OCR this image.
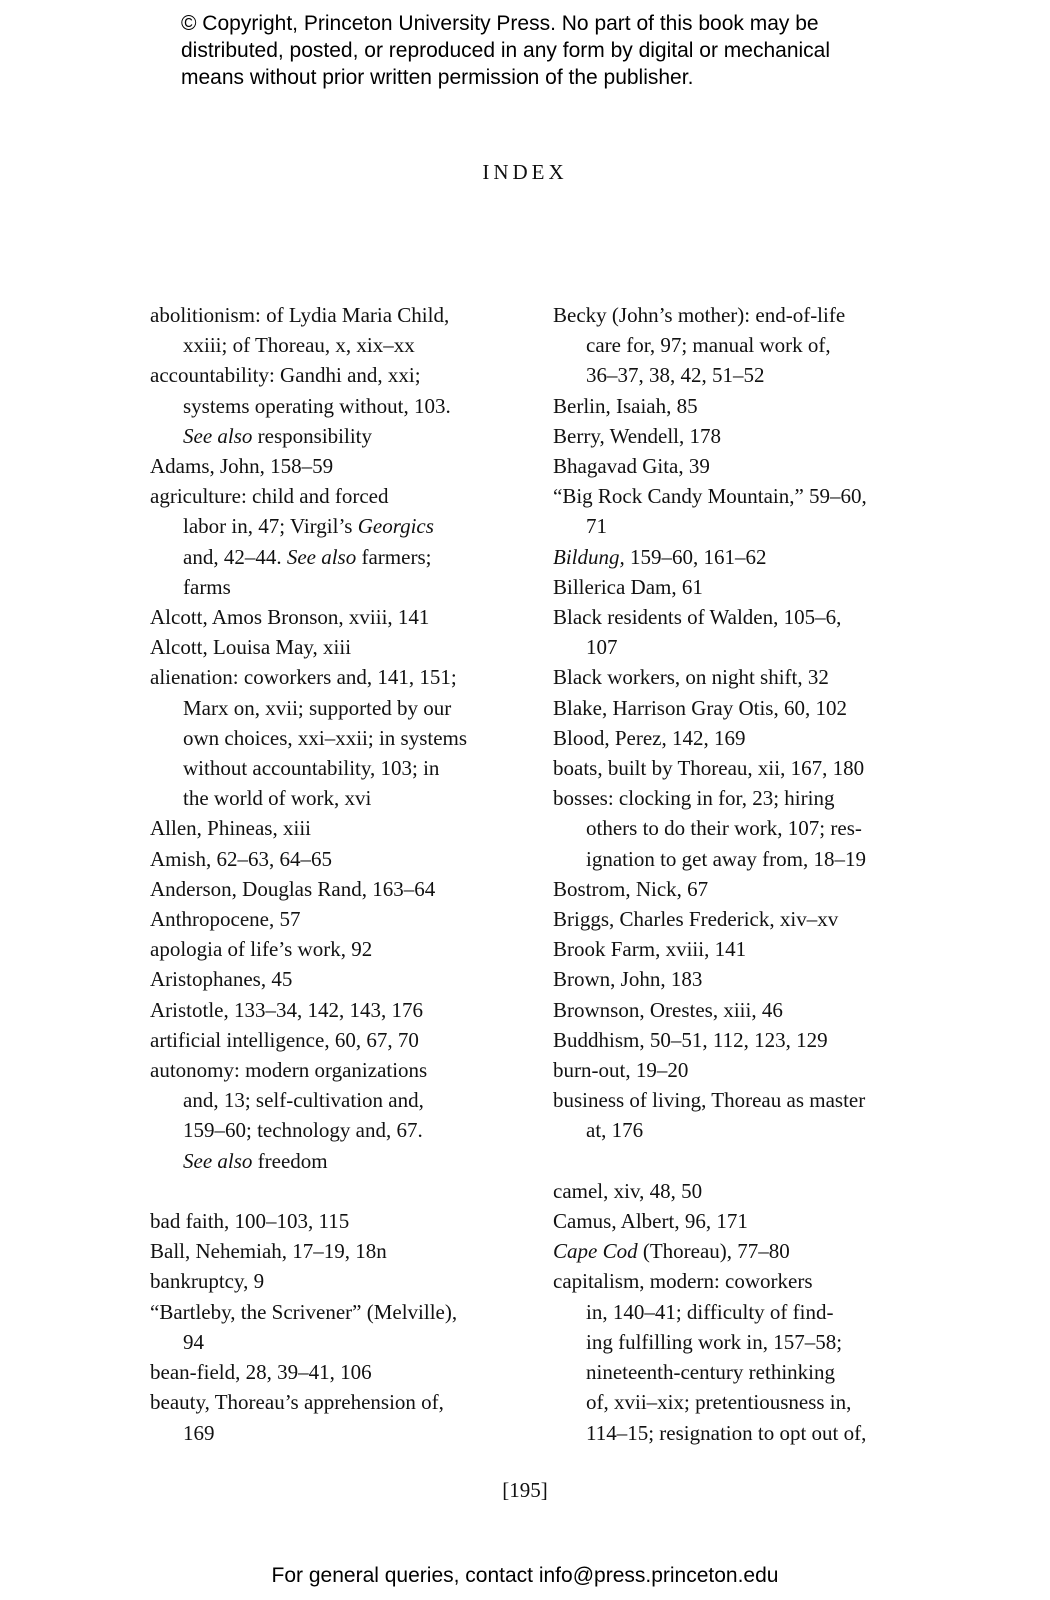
© Copyright, Princeton University Press. No part of this book may be
distributed, posted, or reproduced in any form by digital or mechanical
means without prior written permission of the publisher.
INDEX
abolitionism: of Lydia Maria Child,
xxiii; of Thoreau, x, xix–xx
accountability: Gandhi and, xxi;
systems operating without, 103.
See also responsibility
Adams, John, 158–59
agriculture: child and forced
labor in, 47; Virgil’s Georgics
and, 42–44. See also farmers;
farms
Alcott, Amos Bronson, xviii, 141
Alcott, Louisa May, xiii
alienation: coworkers and, 141, 151;
Marx on, xvii; supported by our
own choices, xxi–xxii; in systems
without accountability, 103; in
the world of work, xvi
Allen, Phineas, xiii
Amish, 62–63, 64–65
Anderson, Douglas Rand, 163–64
Anthropocene, 57
apologia of life’s work, 92
Aristophanes, 45
Aristotle, 133–34, 142, 143, 176
artificial intelligence, 60, 67, 70
autonomy: modern organizations
and, 13; self-cultivation and,
159–60; technology and, 67.
See also freedom
bad faith, 100–103, 115
Ball, Nehemiah, 17–19, 18n
bankruptcy, 9
“Bartleby, the Scrivener” (Melville),
94
bean-field, 28, 39–41, 106
beauty, Thoreau’s apprehension of,
169
Becky (John’s mother): end-of-life
care for, 97; manual work of,
36–37, 38, 42, 51–52
Berlin, Isaiah, 85
Berry, Wendell, 178
Bhagavad Gita, 39
“Big Rock Candy Mountain,” 59–60,
71
Bildung, 159–60, 161–62
Billerica Dam, 61
Black residents of Walden, 105–6,
107
Black workers, on night shift, 32
Blake, Harrison Gray Otis, 60, 102
Blood, Perez, 142, 169
boats, built by Thoreau, xii, 167, 180
bosses: clocking in for, 23; hiring
others to do their work, 107; res-
ignation to get away from, 18–19
Bostrom, Nick, 67
Briggs, Charles Frederick, xiv–xv
Brook Farm, xviii, 141
Brown, John, 183
Brownson, Orestes, xiii, 46
Buddhism, 50–51, 112, 123, 129
burn-out, 19–20
business of living, Thoreau as master
at, 176
camel, xiv, 48, 50
Camus, Albert, 96, 171
Cape Cod (Thoreau), 77–80
capitalism, modern: coworkers
in, 140–41; difficulty of find-
ing fulfilling work in, 157–58;
nineteenth-century rethinking
of, xvii–xix; pretentiousness in,
114–15; resignation to opt out of,
[195]
For general queries, contact info@press.princeton.edu
